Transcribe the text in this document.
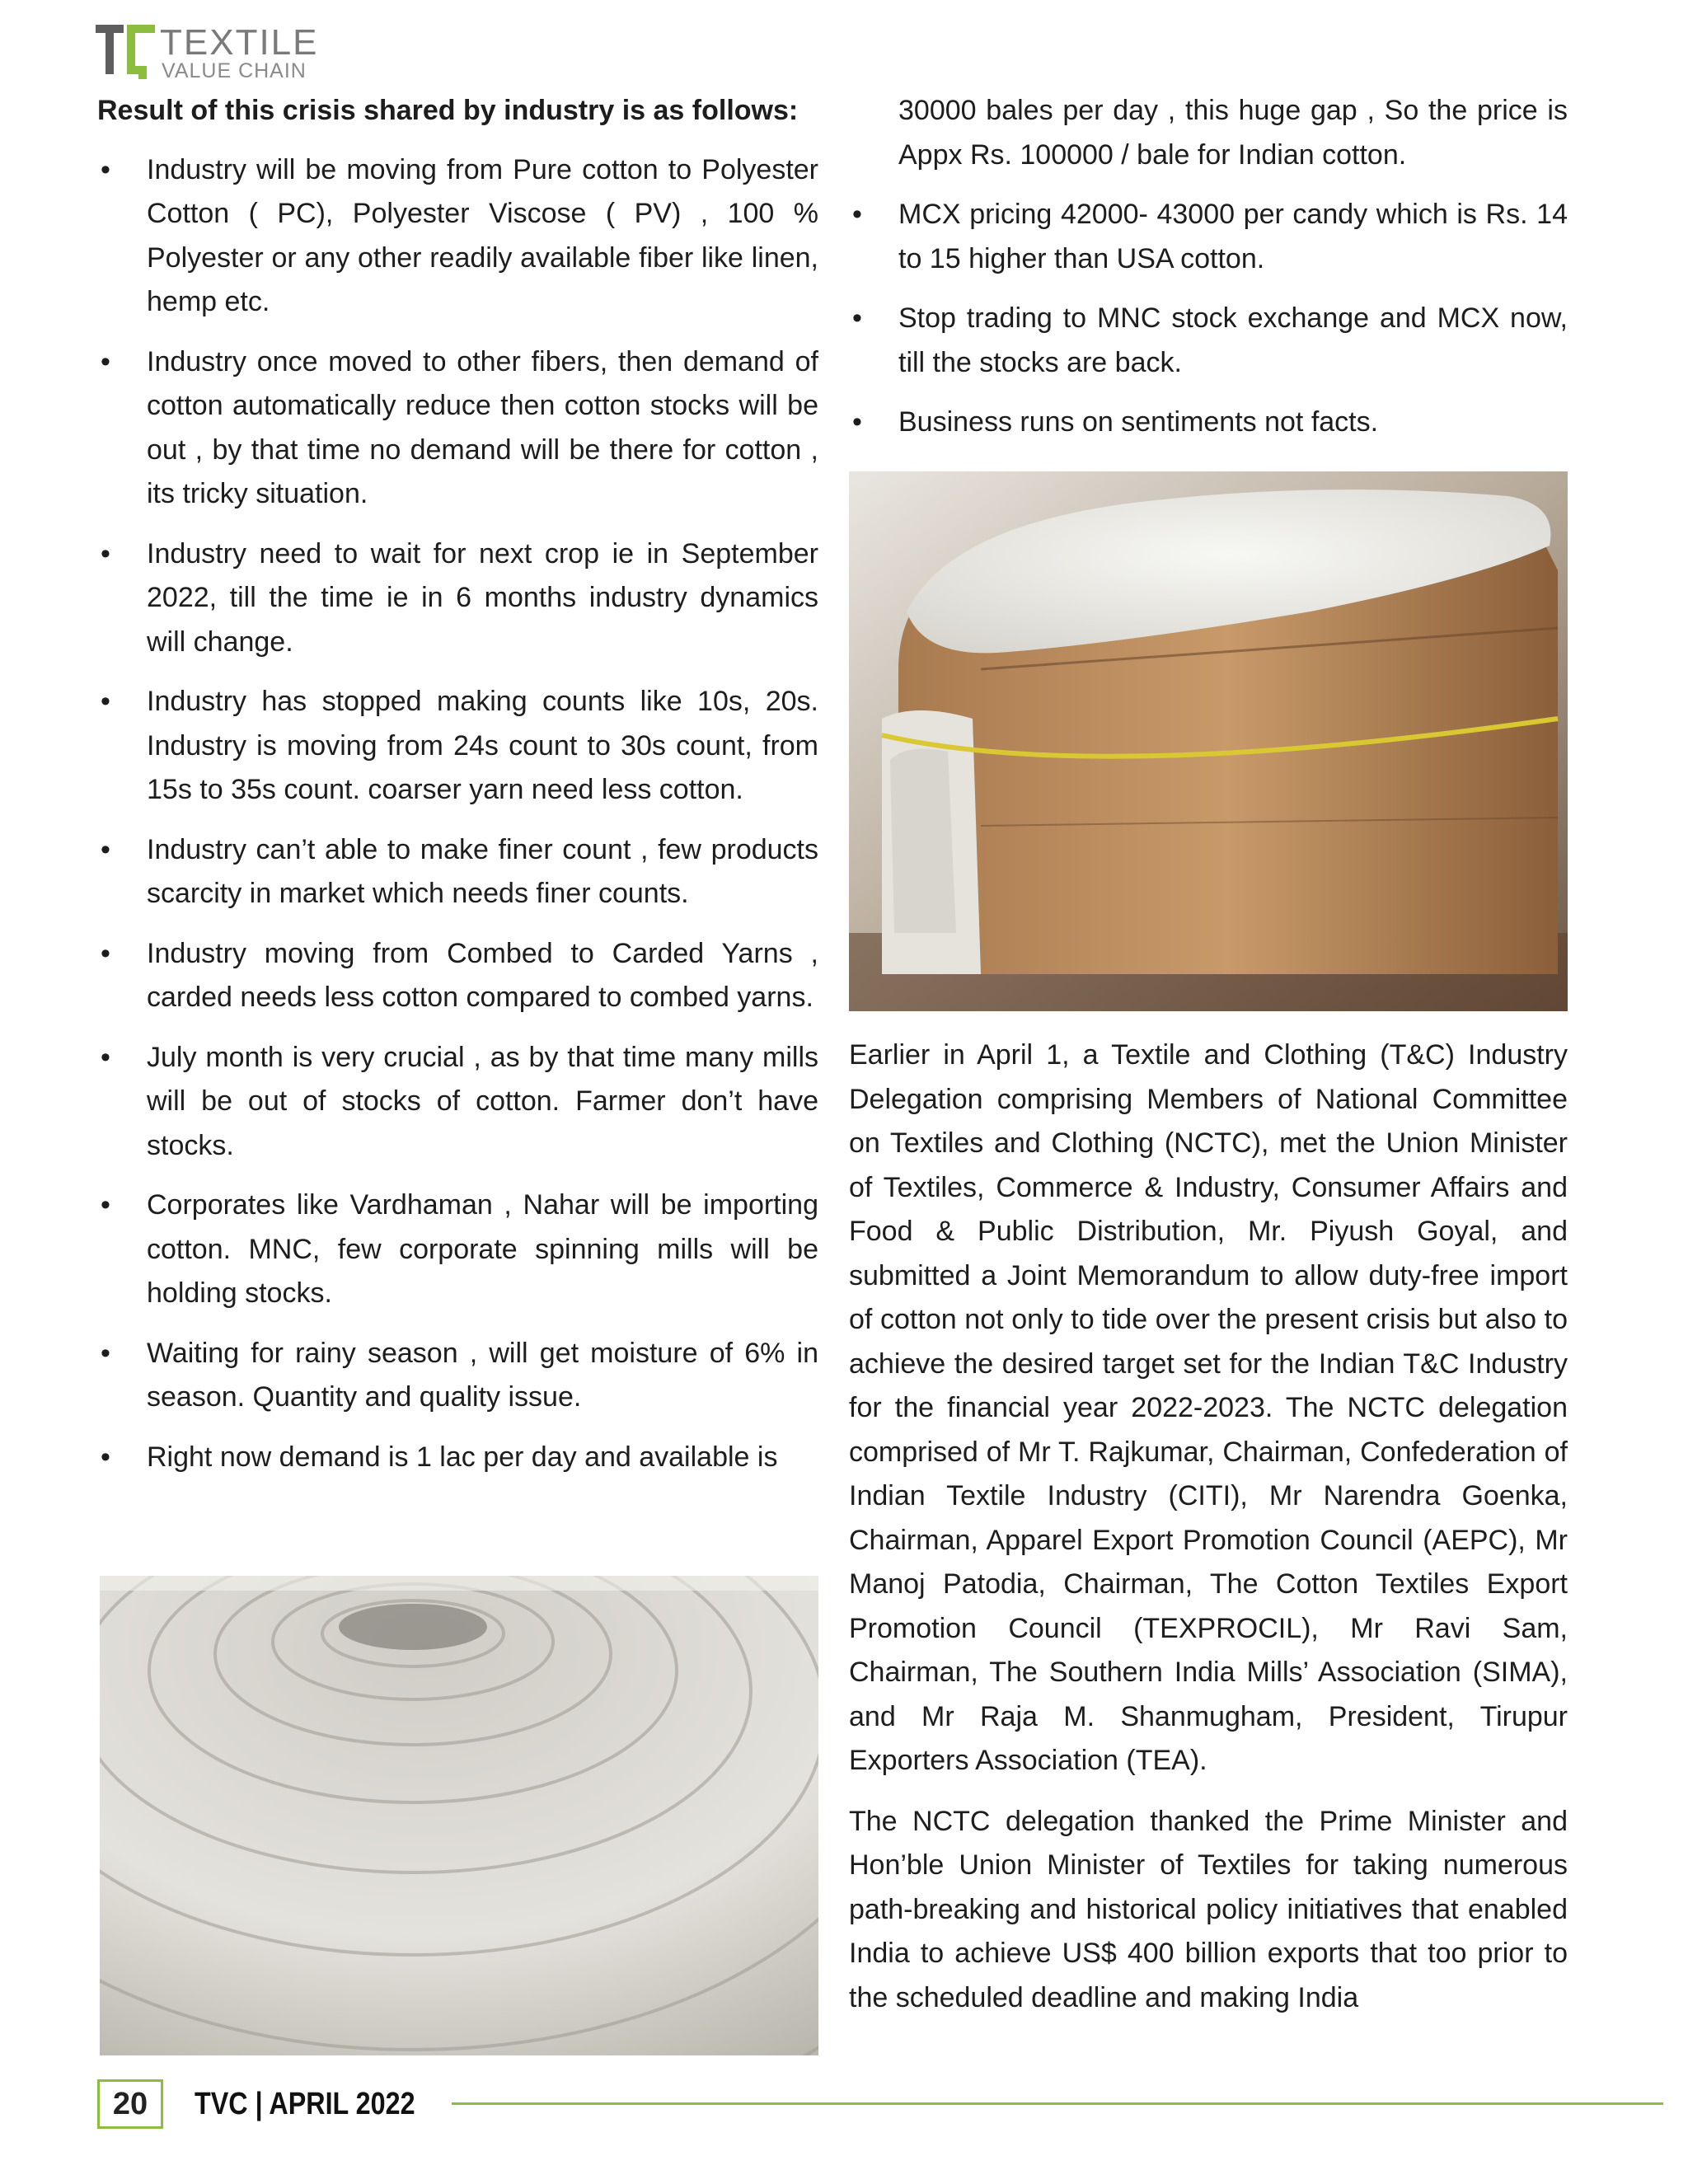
TEXTILE
VALUE CHAIN
Result of this crisis shared by industry is as follows:
• Industry will be moving from Pure cotton to Polyester Cotton ( PC), Polyester Viscose ( PV) , 100 % Polyester or any other readily available fiber like linen, hemp etc.
• Industry once moved to other fibers, then demand of cotton automatically reduce then cotton stocks will be out , by that time no demand will be there for cotton , its tricky situation.
• Industry need to wait for next crop ie in September 2022, till the time ie in 6 months industry dynamics will change.
• Industry has stopped making counts like 10s, 20s. Industry is moving from 24s count to 30s count, from 15s to 35s count. coarser yarn need less cotton.
• Industry can’t able to make finer count , few products scarcity in market which needs finer counts.
• Industry moving from Combed to Carded Yarns , carded needs less cotton compared to combed yarns.
• July month is very crucial , as by that time many mills will be out of stocks of cotton. Farmer don’t have stocks.
• Corporates like Vardhaman , Nahar will be importing cotton. MNC, few corporate spinning mills will be holding stocks.
• Waiting for rainy season , will get moisture of 6% in season. Quantity and quality issue.
• Right now demand is 1 lac per day and available is
30000 bales per day , this huge gap , So the price is Appx Rs. 100000 / bale for Indian cotton.
• MCX pricing 42000- 43000 per candy which is Rs. 14 to 15 higher than USA cotton.
• Stop trading to MNC stock exchange and MCX now, till the stocks are back.
• Business runs on sentiments not facts.

Earlier in April 1, a Textile and Clothing (T&C) Industry Delegation comprising Members of National Committee on Textiles and Clothing (NCTC), met the Union Minister of Textiles, Commerce & Industry, Consumer Affairs and Food & Public Distribution, Mr. Piyush Goyal, and submitted a Joint Memorandum to allow duty-free import of cotton not only to tide over the present crisis but also to achieve the desired target set for the Indian T&C Industry for the financial year 2022-2023. The NCTC delegation comprised of Mr T. Rajkumar, Chairman, Confederation of Indian Textile Industry (CITI), Mr Narendra Goenka, Chairman, Apparel Export Promotion Council (AEPC), Mr Manoj Patodia, Chairman, The Cotton Textiles Export Promotion Council (TEXPROCIL), Mr Ravi Sam, Chairman, The Southern India Mills’ Association (SIMA), and Mr Raja M. Shanmugham, President, Tirupur Exporters Association (TEA).

The NCTC delegation thanked the Prime Minister and Hon’ble Union Minister of Textiles for taking numerous path-breaking and historical policy initiatives that enabled India to achieve US$ 400 billion exports that too prior to the scheduled deadline and making India

20	TVC | APRIL 2022
